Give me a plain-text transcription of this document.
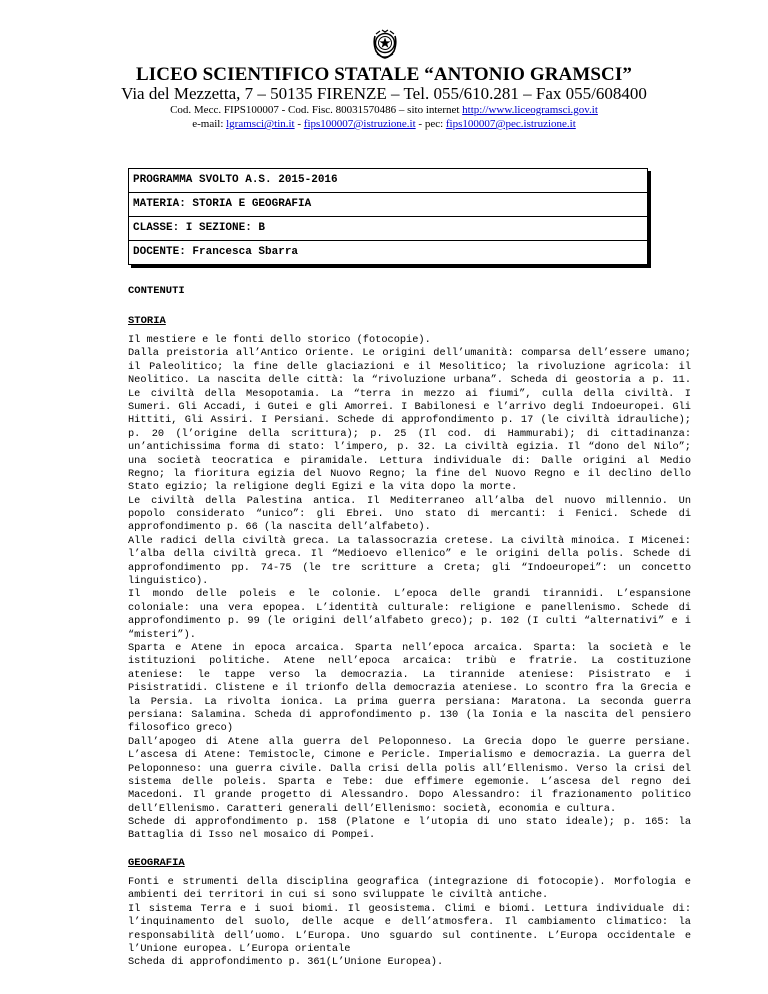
LICEO SCIENTIFICO STATALE “ANTONIO GRAMSCI”
Via del Mezzetta, 7 – 50135 FIRENZE – Tel. 055/610.281 – Fax 055/608400
Cod. Mecc. FIPS100007 - Cod. Fisc. 80031570486 – sito internet http://www.liceogramsci.gov.it
e-mail: lgramsci@tin.it - fips100007@istruzione.it - pec: fips100007@pec.istruzione.it
PROGRAMMA SVOLTO A.S. 2015-2016
MATERIA: STORIA E GEOGRAFIA
CLASSE: I SEZIONE: B
DOCENTE: Francesca Sbarra
CONTENUTI
STORIA
Il mestiere e le fonti dello storico (fotocopie).
Dalla preistoria all’Antico Oriente. Le origini dell’umanità: comparsa dell’essere umano;
il Paleolitico; la fine delle glaciazioni e il Mesolitico; la rivoluzione agricola: il
Neolitico. La nascita delle città: la “rivoluzione urbana”. Scheda di geostoria a p. 11.
Le civiltà della Mesopotamia. La “terra in mezzo ai fiumi”, culla della civiltà. I
Sumeri. Gli Accadi, i Gutei e gli Amorrei. I Babilonesi e l’arrivo degli Indoeuropei. Gli
Hittiti, Gli Assiri. I Persiani. Schede di approfondimento p. 17 (le civiltà idrauliche);
p. 20 (l’origine della scrittura); p. 25 (Il cod. di Hammurabi); di cittadinanza:
un’antichissima forma di stato: l’impero, p. 32. La civiltà egizia. Il “dono del Nilo”;
una società teocratica e piramidale. Lettura individuale di: Dalle origini al Medio
Regno; la fioritura egizia del Nuovo Regno; la fine del Nuovo Regno e il declino dello
Stato egizio; la religione degli Egizi e la vita dopo la morte.
Le civiltà della Palestina antica. Il Mediterraneo all’alba del nuovo millennio. Un
popolo considerato “unico”: gli Ebrei. Uno stato di mercanti: i Fenici. Schede di
approfondimento p. 66 (la nascita dell’alfabeto).
Alle radici della civiltà greca. La talassocrazia cretese. La civiltà minoica. I Micenei:
l’alba della civiltà greca. Il “Medioevo ellenico” e le origini della polis. Schede di
approfondimento pp. 74-75 (le tre scritture a Creta; gli “Indoeuropei”: un concetto
linguistico).
Il mondo delle poleis e le colonie. L’epoca delle grandi tirannidi. L’espansione
coloniale: una vera epopea. L’identità culturale: religione e panellenismo. Schede di
approfondimento p. 99 (le origini dell’alfabeto greco); p. 102 (I culti “alternativi” e i
“misteri”).
Sparta e Atene in epoca arcaica. Sparta nell’epoca arcaica. Sparta: la società e le
istituzioni politiche. Atene nell’epoca arcaica: tribù e fratrie. La costituzione
ateniese: le tappe verso la democrazia. La tirannide ateniese: Pisistrato e i
Pisistratidi. Clistene e il trionfo della democrazia ateniese. Lo scontro fra la Grecia e
la Persia. La rivolta ionica. La prima guerra persiana: Maratona. La seconda guerra
persiana: Salamina. Scheda di approfondimento p. 130 (la Ionia e la nascita del pensiero
filosofico greco)
Dall’apogeo di Atene alla guerra del Peloponneso. La Grecia dopo le guerre persiane.
L’ascesa di Atene: Temistocle, Cimone e Pericle. Imperialismo e democrazia. La guerra del
Peloponneso: una guerra civile. Dalla crisi della polis all’Ellenismo. Verso la crisi del
sistema delle poleis. Sparta e Tebe: due effimere egemonie. L’ascesa del regno dei
Macedoni. Il grande progetto di Alessandro. Dopo Alessandro: il frazionamento politico
dell’Ellenismo. Caratteri generali dell’Ellenismo: società, economia e cultura.
Schede di approfondimento p. 158 (Platone e l’utopia di uno stato ideale); p. 165: la
Battaglia di Isso nel mosaico di Pompei.
GEOGRAFIA
Fonti e strumenti della disciplina geografica (integrazione di fotocopie). Morfologia e
ambienti dei territori in cui si sono sviluppate le civiltà antiche.
Il sistema Terra e i suoi biomi. Il geosistema. Climi e biomi. Lettura individuale di:
l’inquinamento del suolo, delle acque e dell’atmosfera. Il cambiamento climatico: la
responsabilità dell’uomo. L’Europa. Uno sguardo sul continente. L’Europa occidentale e
l’Unione europea. L’Europa orientale
Scheda di approfondimento p. 361(L’Unione Europea).
